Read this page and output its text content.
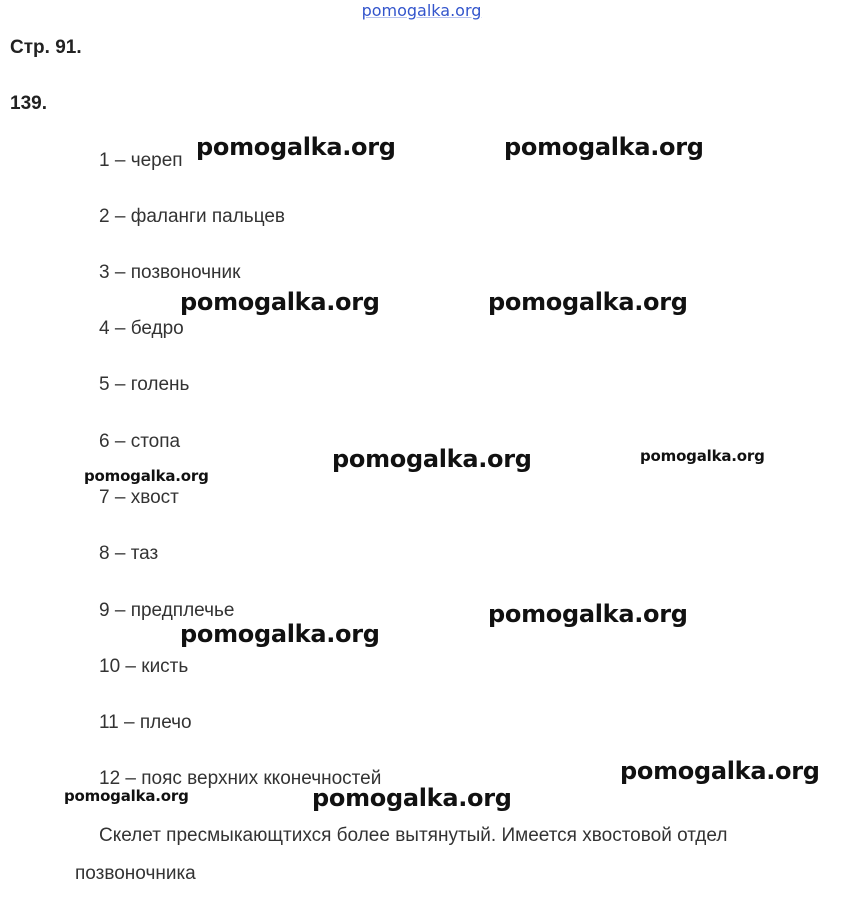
pomogalka.org
Стр. 91.
139.
1 – череп
2 – фаланги пальцев
3 – позвоночник
4 – бедро
5 – голень
6 – стопа
7 – хвост
8 – таз
9 – предплечье
10 – кисть
11 – плечо
12 – пояс верхних кконечностей
Скелет пресмыкающтихся более вытянутый. Имеется хвостовой отдел
позвоночника
pomogalka.org	pomogalka.org
pomogalka.org	pomogalka.org
pomogalka.org	pomogalka.org
pomogalka.org
pomogalka.org
pomogalka.org
pomogalka.org
pomogalka.org	pomogalka.org
